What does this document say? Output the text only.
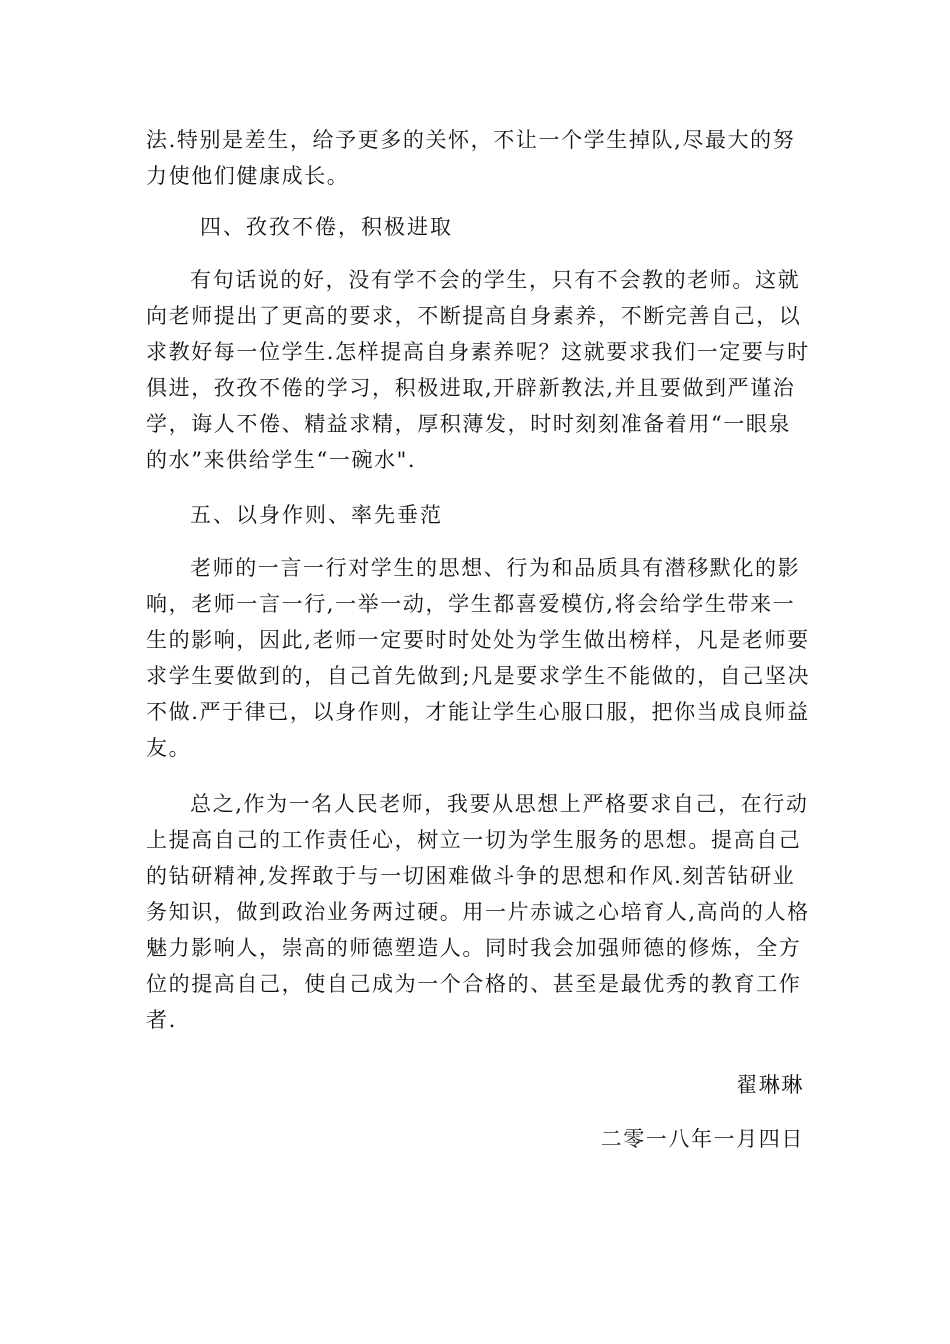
法.特别是差生，给予更多的关怀，不让一个学生掉队,尽最大的努
力使他们健康成长。
四、孜孜不倦，积极进取
有句话说的好，没有学不会的学生，只有不会教的老师。这就
向老师提出了更高的要求，不断提高自身素养，不断完善自己，以
求教好每一位学生.怎样提高自身素养呢？这就要求我们一定要与时
俱进，孜孜不倦的学习，积极进取,开辟新教法,并且要做到严谨治
学，诲人不倦、精益求精，厚积薄发，时时刻刻准备着用“一眼泉
的水”来供给学生“一碗水".
五、以身作则、率先垂范
老师的一言一行对学生的思想、行为和品质具有潜移默化的影
响，老师一言一行,一举一动，学生都喜爱模仿,将会给学生带来一
生的影响，因此,老师一定要时时处处为学生做出榜样，凡是老师要
求学生要做到的，自己首先做到;凡是要求学生不能做的，自己坚决
不做.严于律已，以身作则，才能让学生心服口服，把你当成良师益
友。
总之,作为一名人民老师，我要从思想上严格要求自己，在行动
上提高自己的工作责任心，树立一切为学生服务的思想。提高自己
的钻研精神,发挥敢于与一切困难做斗争的思想和作风.刻苦钻研业
务知识，做到政治业务两过硬。用一片赤诚之心培育人,高尚的人格
魅力影响人，崇高的师德塑造人。同时我会加强师德的修炼，全方
位的提高自己，使自己成为一个合格的、甚至是最优秀的教育工作
者.
翟琳琳
二零一八年一月四日
